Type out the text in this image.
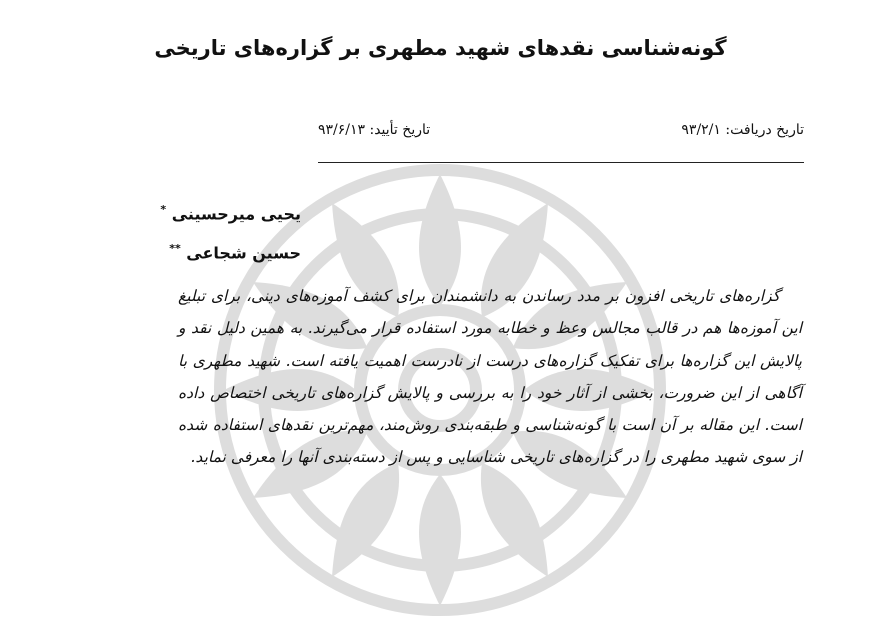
گونه‌شناسی نقدهای شهید مطهری بر گزاره‌های تاریخی
تاریخ دریافت: ۹۳/۲/۱
تاریخ تأیید: ۹۳/۶/۱۳
یحیی میرحسینی *
حسین شجاعی **

گزاره‌های تاریخی افزون بر مدد رساندن به دانشمندان برای کشف آموزه‌های دینی، برای تبلیغ این آموزه‌ها هم در قالب مجالس وعظ و خطابه مورد استفاده قرار می‌گیرند. به همین دلیل نقد و پالایش این گزاره‌ها برای تفکیک گزاره‌های درست از نادرست اهمیت یافته است. شهید مطهری با آگاهی از این ضرورت، بخشی از آثار خود را به بررسی و پالایش گزاره‌های تاریخی اختصاص داده است. این مقاله بر آن است با گونه‌شناسی و طبقه‌بندی روش‌مند، مهم‌ترین نقدهای استفاده شده از سوی شهید مطهری را در گزاره‌های تاریخی شناسایی و پس از دسته‌بندی آنها را معرفی نماید.
